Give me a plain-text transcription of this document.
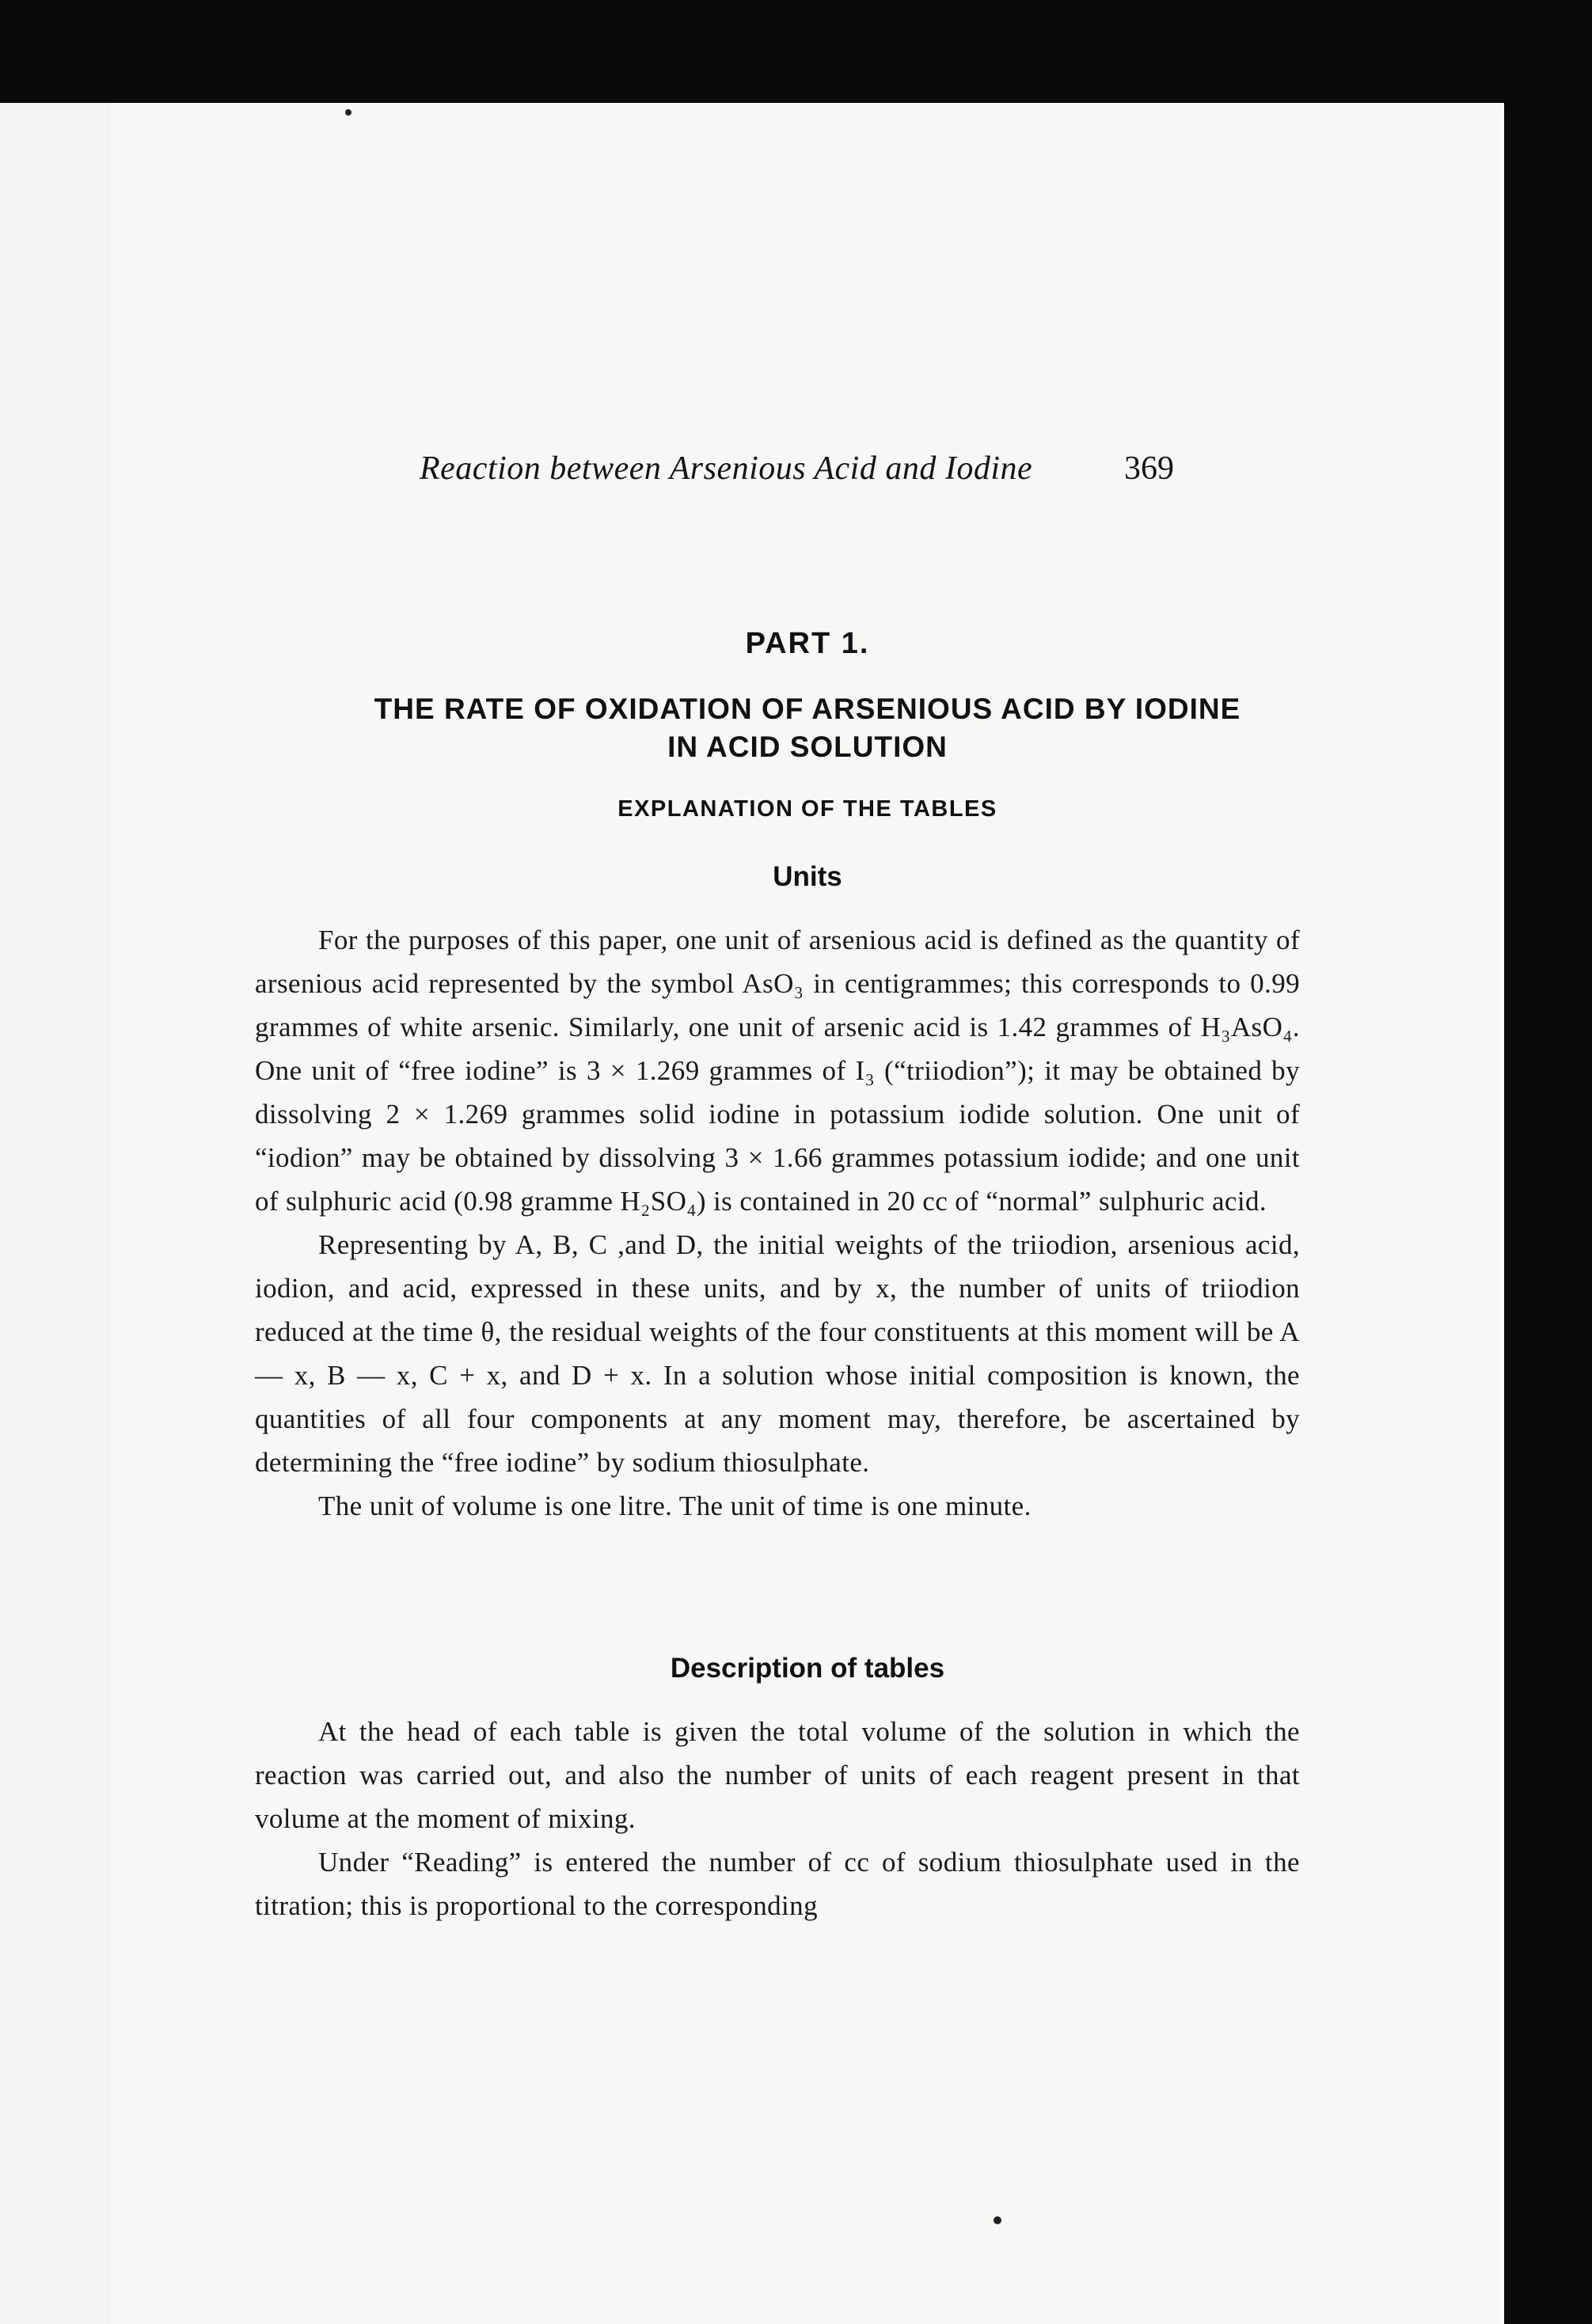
Reaction between Arsenious Acid and Iodine	369
PART 1.
THE RATE OF OXIDATION OF ARSENIOUS ACID BY IODINE
IN ACID SOLUTION
EXPLANATION OF THE TABLES
Units

For the purposes of this paper, one unit of arsenious acid is defined as the quantity of arsenious acid represented by the symbol AsO₃ in centigrammes; this corresponds to 0.99 grammes of white arsenic. Similarly, one unit of arsenic acid is 1.42 grammes of H₃AsO₄. One unit of “free iodine” is 3 × 1.269 grammes of I₃ (“triiodion”); it may be obtained by dissolving 2 × 1.269 grammes solid iodine in potassium iodide solution. One unit of “iodion” may be obtained by dissolving 3 × 1.66 grammes potassium iodide; and one unit of sulphuric acid (0.98 gramme H₂SO₄) is contained in 20 cc of “normal” sulphuric acid.

Representing by A, B, C ,and D, the initial weights of the triiodion, arsenious acid, iodion, and acid, expressed in these units, and by x, the number of units of triiodion reduced at the time θ, the residual weights of the four constituents at this moment will be A — x, B — x, C + x, and D + x. In a solution whose initial composition is known, the quantities of all four components at any moment may, therefore, be ascertained by determining the “free iodine” by sodium thiosulphate.

The unit of volume is one litre. The unit of time is one minute.

Description of tables

At the head of each table is given the total volume of the solution in which the reaction was carried out, and also the number of units of each reagent present in that volume at the moment of mixing.

Under “Reading” is entered the number of cc of sodium thiosulphate used in the titration; this is proportional to the corresponding
